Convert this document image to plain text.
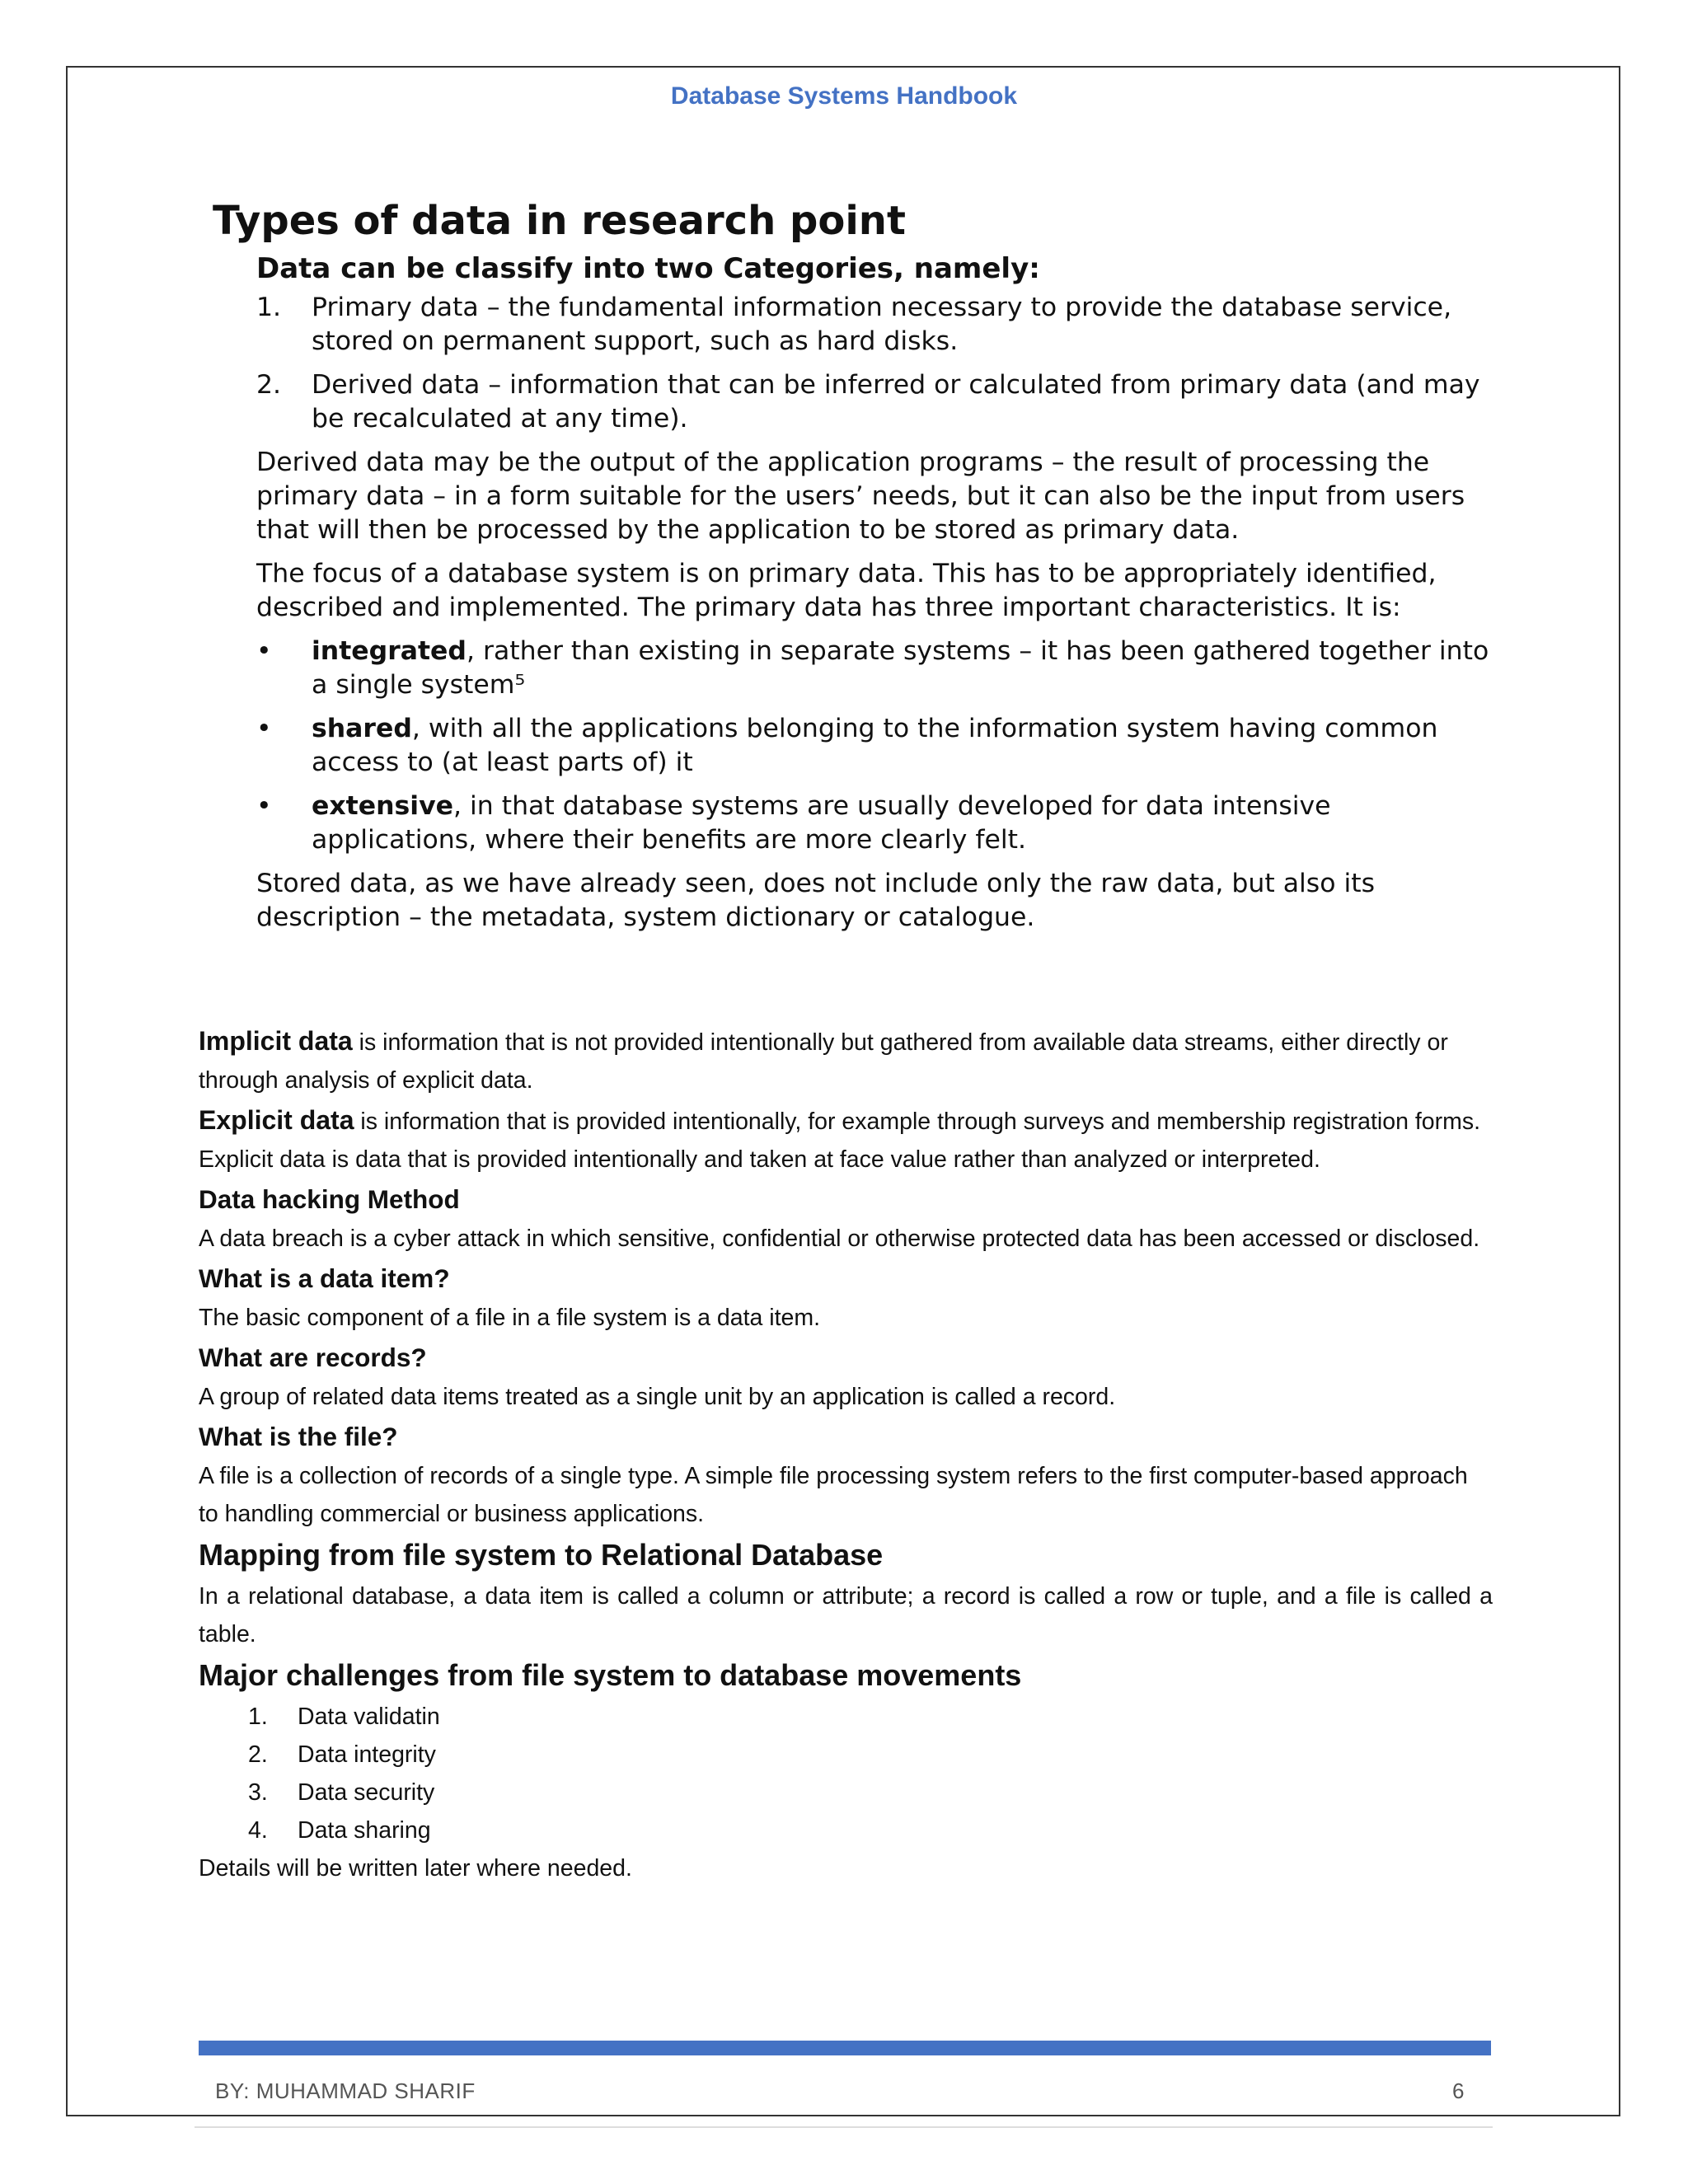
Database Systems Handbook
Types of data in research point
Data can be classify into two Categories, namely:
1. Primary data – the fundamental information necessary to provide the database service, stored on permanent support, such as hard disks.
2. Derived data – information that can be inferred or calculated from primary data (and may be recalculated at any time).

Derived data may be the output of the application programs – the result of processing the primary data – in a form suitable for the users’ needs, but it can also be the input from users that will then be processed by the application to be stored as primary data.

The focus of a database system is on primary data. This has to be appropriately identified, described and implemented. The primary data has three important characteristics. It is:

• integrated, rather than existing in separate systems – it has been gathered together into a single system⁵
• shared, with all the applications belonging to the information system having common access to (at least parts of) it
• extensive, in that database systems are usually developed for data intensive applications, where their benefits are more clearly felt.

Stored data, as we have already seen, does not include only the raw data, but also its description – the metadata, system dictionary or catalogue.

Implicit data is information that is not provided intentionally but gathered from available data streams, either directly or through analysis of explicit data.

Explicit data is information that is provided intentionally, for example through surveys and membership registration forms. Explicit data is data that is provided intentionally and taken at face value rather than analyzed or interpreted.

Data hacking Method

A data breach is a cyber attack in which sensitive, confidential or otherwise protected data has been accessed or disclosed.

What is a data item?

The basic component of a file in a file system is a data item.

What are records?

A group of related data items treated as a single unit by an application is called a record.

What is the file?

A file is a collection of records of a single type. A simple file processing system refers to the first computer-based approach to handling commercial or business applications.

Mapping from file system to Relational Database

In a relational database, a data item is called a column or attribute; a record is called a row or tuple, and a file is called a table.

Major challenges from file system to database movements
1. Data validatin
2. Data integrity
3. Data security
4. Data sharing

Details will be written later where needed.

BY: MUHAMMAD SHARIF	6
